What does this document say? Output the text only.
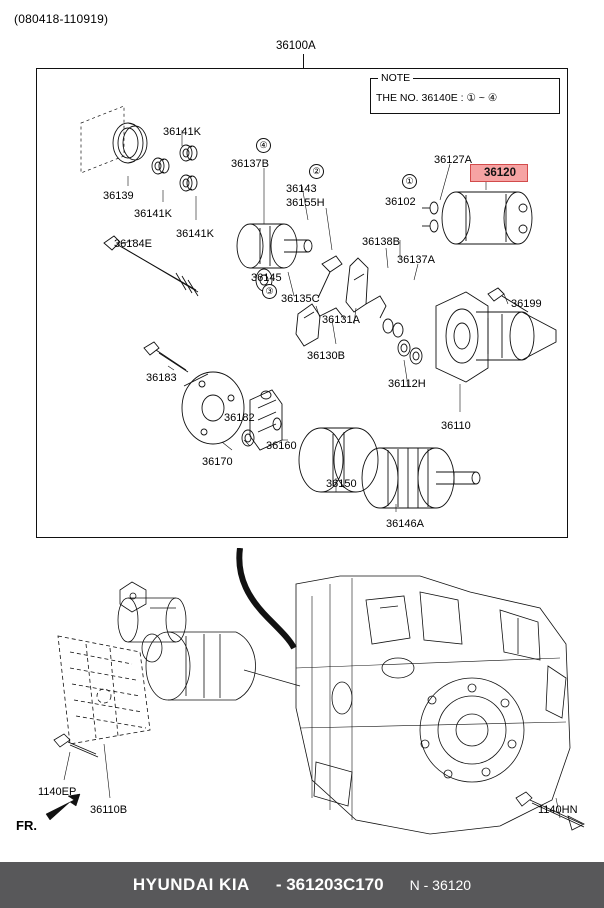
(080418-110919)
36100A
NOTE
THE NO. 36140E : ① ~ ④
36120
①
②
③
④
36139
36141K
36141K
36141K
36184E
36183
36182
36170
36160
36150
36146A
36137B
36143
36155H
36145
36135C
36131A
36130B
36138B
36102
36137A
36112H
36110
36127A
36199
1140EP
36110B	1140HN
FR.
HYUNDAI KIA - 361203C170 N - 36120
